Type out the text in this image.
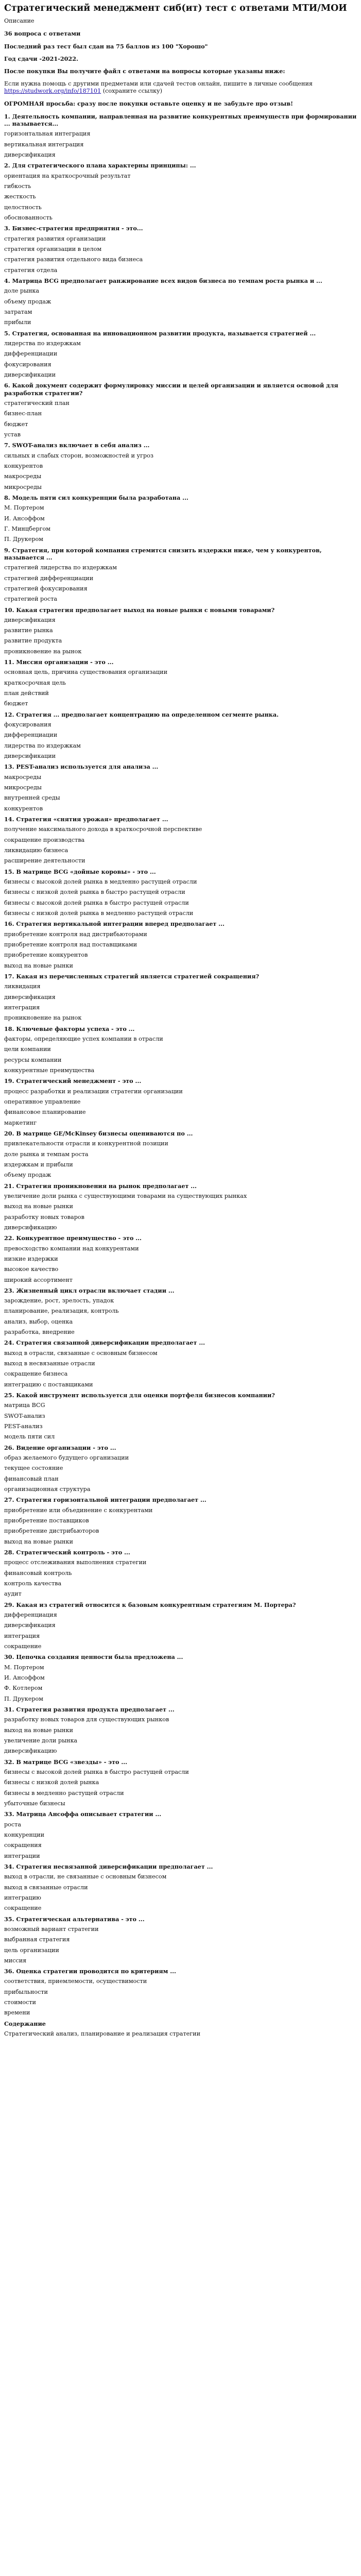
Стратегический менеджмент сиб(ит) тест с ответами МТИ/МОИ
Описание
36 вопроса с ответами
Последний раз тест был сдан на 75 баллов из 100 "Хорошо"
Год сдачи -2021-2022.
После покупки Вы получите файл с ответами на вопросы которые указаны ниже:
Если нужна помощь с другими предметами или сдачей тестов онлайн, пишите в личные сообщения https://studwork.org/info/187101 (сохраните ссылку)
ОГРОМНАЯ просьба: сразу после покупки оставьте оценку и не забудьте про отзыв!
1. Деятельность компании, направленная на развитие конкурентных преимуществ при формировании ... называется...
горизонтальная интеграция
вертикальная интеграция
диверсификация
2. Для стратегического плана характерны принципы: ...
ориентация на краткосрочный результат
гибкость
жесткость
целостность
обоснованность
3. Бизнес-стратегия предприятия - это...
стратегия развития организации
стратегия организации в целом
стратегия развития отдельного вида бизнеса
стратегия отдела
4. Матрица BCG предполагает ранжирование всех видов бизнеса по темпам роста рынка и ...
доле рынка
объему продаж
затратам
прибыли
5. Стратегия, основанная на инновационном развитии продукта, называется стратегией ...
лидерства по издержкам
дифференциации
фокусирования
диверсификации
6. Какой документ содержит формулировку миссии и целей организации и является основой для разработки стратегии?
стратегический план
бизнес-план
бюджет
устав
7. SWOT-анализ включает в себя анализ ...
сильных и слабых сторон, возможностей и угроз
конкурентов
макросреды
микросреды
8. Модель пяти сил конкуренции была разработана ...
М. Портером
И. Ансоффом
Г. Минцбергом
П. Друкером
9. Стратегия, при которой компания стремится снизить издержки ниже, чем у конкурентов, называется ...
стратегией лидерства по издержкам
стратегией дифференциации
стратегией фокусирования
стратегией роста
10. Какая стратегия предполагает выход на новые рынки с новыми товарами?
диверсификация
развитие рынка
развитие продукта
проникновение на рынок
11. Миссия организации - это ...
основная цель, причина существования организации
краткосрочная цель
план действий
бюджет
12. Стратегия ... предполагает концентрацию на определенном сегменте рынка.
фокусирования
дифференциации
лидерства по издержкам
диверсификации
13. PEST-анализ используется для анализа ...
макросреды
микросреды
внутренней среды
конкурентов
14. Стратегия «снятия урожая» предполагает ...
получение максимального дохода в краткосрочной перспективе
сокращение производства
ликвидацию бизнеса
расширение деятельности
15. В матрице BCG «дойные коровы» - это ...
бизнесы с высокой долей рынка в медленно растущей отрасли
бизнесы с низкой долей рынка в быстро растущей отрасли
бизнесы с высокой долей рынка в быстро растущей отрасли
бизнесы с низкой долей рынка в медленно растущей отрасли
16. Стратегия вертикальной интеграции вперед предполагает ...
приобретение контроля над дистрибьюторами
приобретение контроля над поставщиками
приобретение конкурентов
выход на новые рынки
17. Какая из перечисленных стратегий является стратегией сокращения?
ликвидация
диверсификация
интеграция
проникновение на рынок
18. Ключевые факторы успеха - это ...
факторы, определяющие успех компании в отрасли
цели компании
ресурсы компании
конкурентные преимущества
19. Стратегический менеджмент - это ...
процесс разработки и реализации стратегии организации
оперативное управление
финансовое планирование
маркетинг
20. В матрице GE/McKinsey бизнесы оцениваются по ...
привлекательности отрасли и конкурентной позиции
доле рынка и темпам роста
издержкам и прибыли
объему продаж
21. Стратегия проникновения на рынок предполагает ...
увеличение доли рынка с существующими товарами на существующих рынках
выход на новые рынки
разработку новых товаров
диверсификацию
22. Конкурентное преимущество - это ...
превосходство компании над конкурентами
низкие издержки
высокое качество
широкий ассортимент
23. Жизненный цикл отрасли включает стадии ...
зарождение, рост, зрелость, упадок
планирование, реализация, контроль
анализ, выбор, оценка
разработка, внедрение
24. Стратегия связанной диверсификации предполагает ...
выход в отрасли, связанные с основным бизнесом
выход в несвязанные отрасли
сокращение бизнеса
интеграцию с поставщиками
25. Какой инструмент используется для оценки портфеля бизнесов компании?
матрица BCG
SWOT-анализ
PEST-анализ
модель пяти сил
26. Видение организации - это ...
образ желаемого будущего организации
текущее состояние
финансовый план
организационная структура
27. Стратегия горизонтальной интеграции предполагает ...
приобретение или объединение с конкурентами
приобретение поставщиков
приобретение дистрибьюторов
выход на новые рынки
28. Стратегический контроль - это ...
процесс отслеживания выполнения стратегии
финансовый контроль
контроль качества
аудит
29. Какая из стратегий относится к базовым конкурентным стратегиям М. Портера?
дифференциация
диверсификация
интеграция
сокращение
30. Цепочка создания ценности была предложена ...
М. Портером
И. Ансоффом
Ф. Котлером
П. Друкером
31. Стратегия развития продукта предполагает ...
разработку новых товаров для существующих рынков
выход на новые рынки
увеличение доли рынка
диверсификацию
32. В матрице BCG «звезды» - это ...
бизнесы с высокой долей рынка в быстро растущей отрасли
бизнесы с низкой долей рынка
бизнесы в медленно растущей отрасли
убыточные бизнесы
33. Матрица Ансоффа описывает стратегии ...
роста
конкуренции
сокращения
интеграции
34. Стратегия несвязанной диверсификации предполагает ...
выход в отрасли, не связанные с основным бизнесом
выход в связанные отрасли
интеграцию
сокращение
35. Стратегическая альтернатива - это ...
возможный вариант стратегии
выбранная стратегия
цель организации
миссия
36. Оценка стратегии проводится по критериям ...
соответствия, приемлемости, осуществимости
прибыльности
стоимости
времени
Содержание
Стратегический анализ, планирование и реализация стратегии
